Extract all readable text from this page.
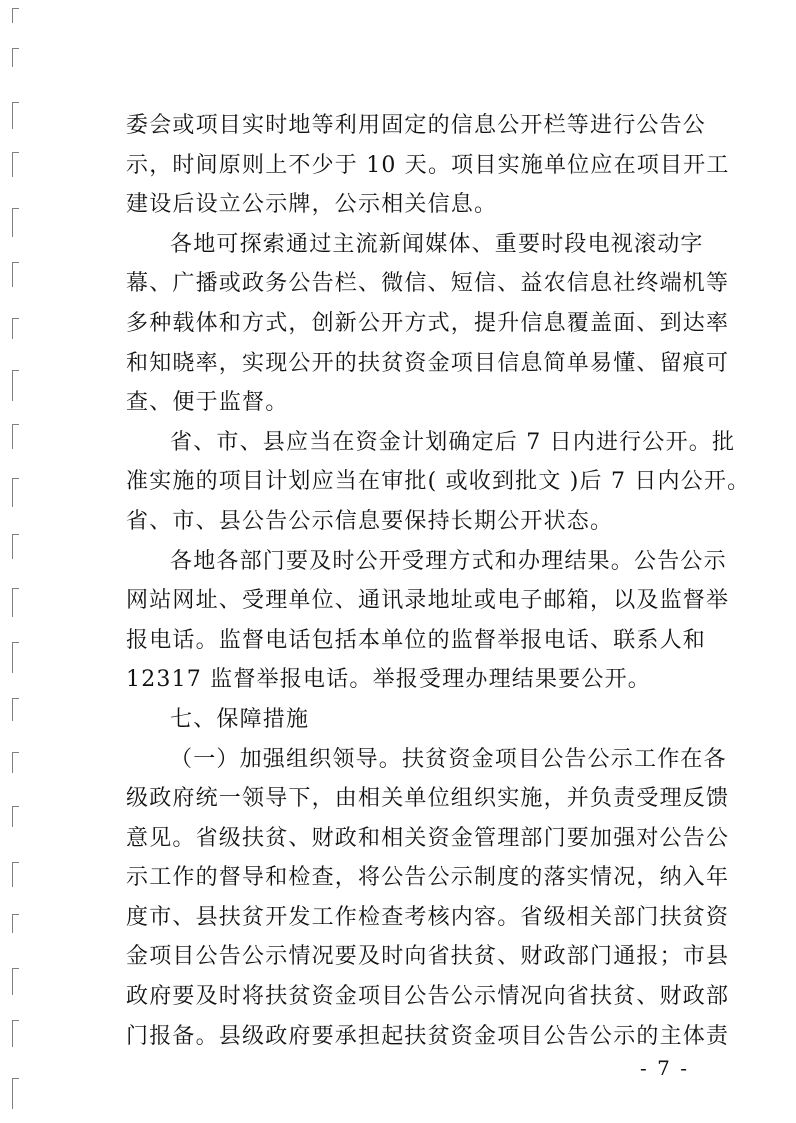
委会或项目实时地等利用固定的信息公开栏等进行公告公
示，时间原则上不少于 10 天。项目实施单位应在项目开工
建设后设立公示牌，公示相关信息。
各地可探索通过主流新闻媒体、重要时段电视滚动字
幕、广播或政务公告栏、微信、短信、益农信息社终端机等
多种载体和方式，创新公开方式，提升信息覆盖面、到达率
和知晓率，实现公开的扶贫资金项目信息简单易懂、留痕可
查、便于监督。
省、市、县应当在资金计划确定后 7 日内进行公开。批
准实施的项目计划应当在审批( 或收到批文 )后 7 日内公开。
省、市、县公告公示信息要保持长期公开状态。
各地各部门要及时公开受理方式和办理结果。公告公示
网站网址、受理单位、通讯录地址或电子邮箱，以及监督举
报电话。监督电话包括本单位的监督举报电话、联系人和
12317 监督举报电话。举报受理办理结果要公开。
七、保障措施
（一）加强组织领导。扶贫资金项目公告公示工作在各
级政府统一领导下，由相关单位组织实施，并负责受理反馈
意见。省级扶贫、财政和相关资金管理部门要加强对公告公
示工作的督导和检查，将公告公示制度的落实情况，纳入年
度市、县扶贫开发工作检查考核内容。省级相关部门扶贫资
金项目公告公示情况要及时向省扶贫、财政部门通报；市县
政府要及时将扶贫资金项目公告公示情况向省扶贫、财政部
门报备。县级政府要承担起扶贫资金项目公告公示的主体责
- 7 -
